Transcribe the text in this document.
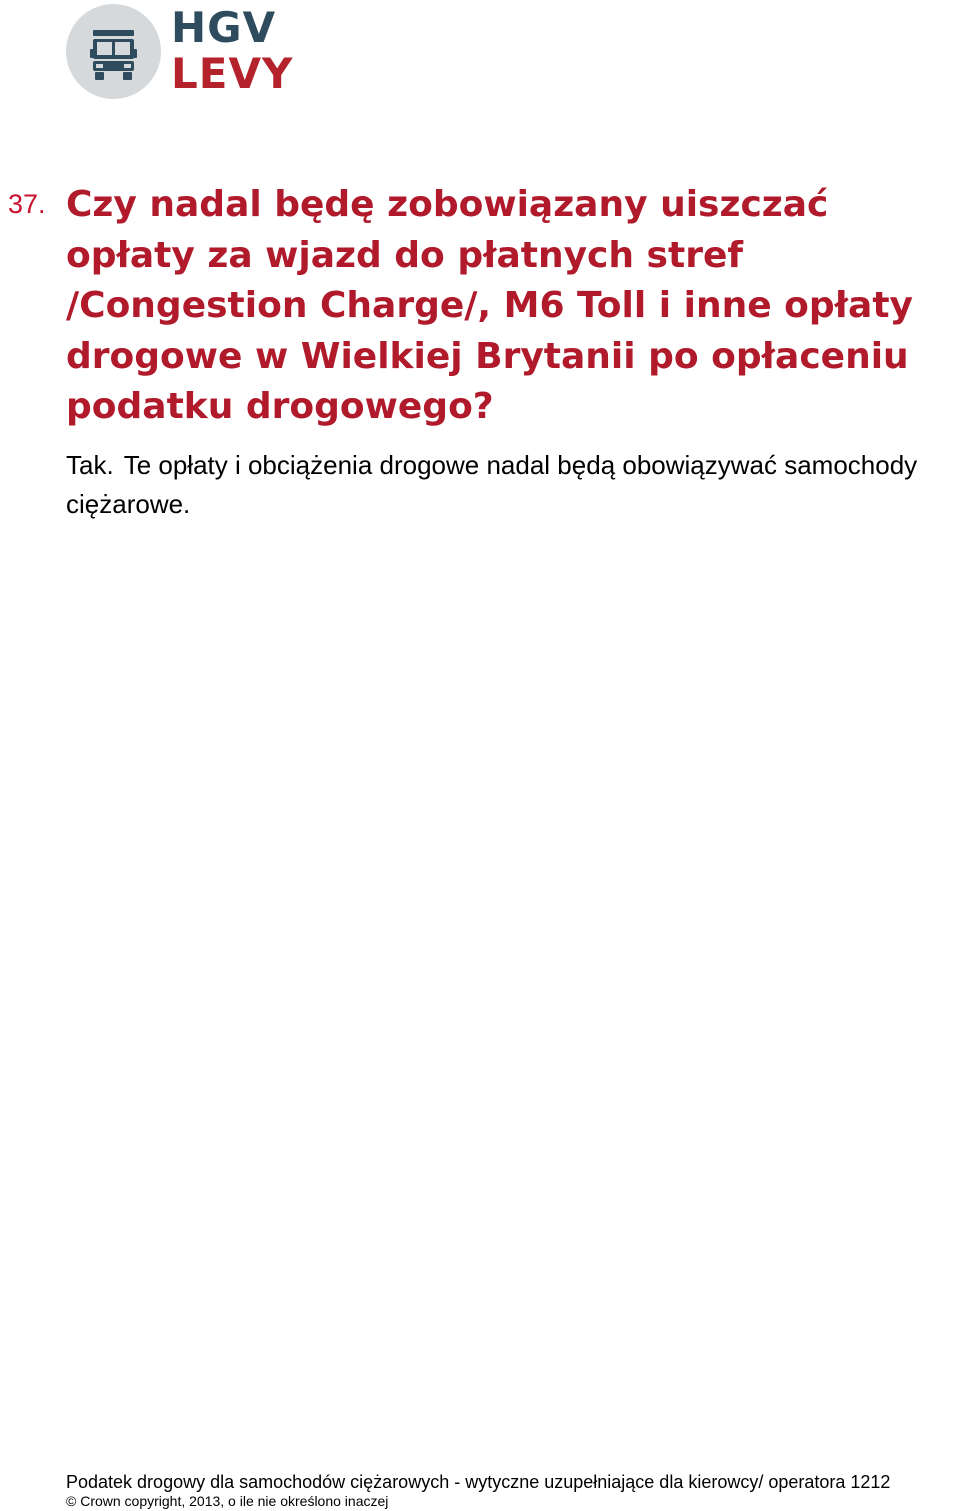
HGV
LEVY
37. Czy nadal będę zobowiązany uiszczać opłaty za wjazd do płatnych stref /Congestion Charge/, M6 Toll i inne opłaty drogowe w Wielkiej Brytanii po opłaceniu podatku drogowego?
Tak. Te opłaty i obciążenia drogowe nadal będą obowiązywać samochody ciężarowe.
Podatek drogowy dla samochodów ciężarowych - wytyczne uzupełniające dla kierowcy/ operatora 1212
© Crown copyright, 2013, o ile nie określono inaczej
